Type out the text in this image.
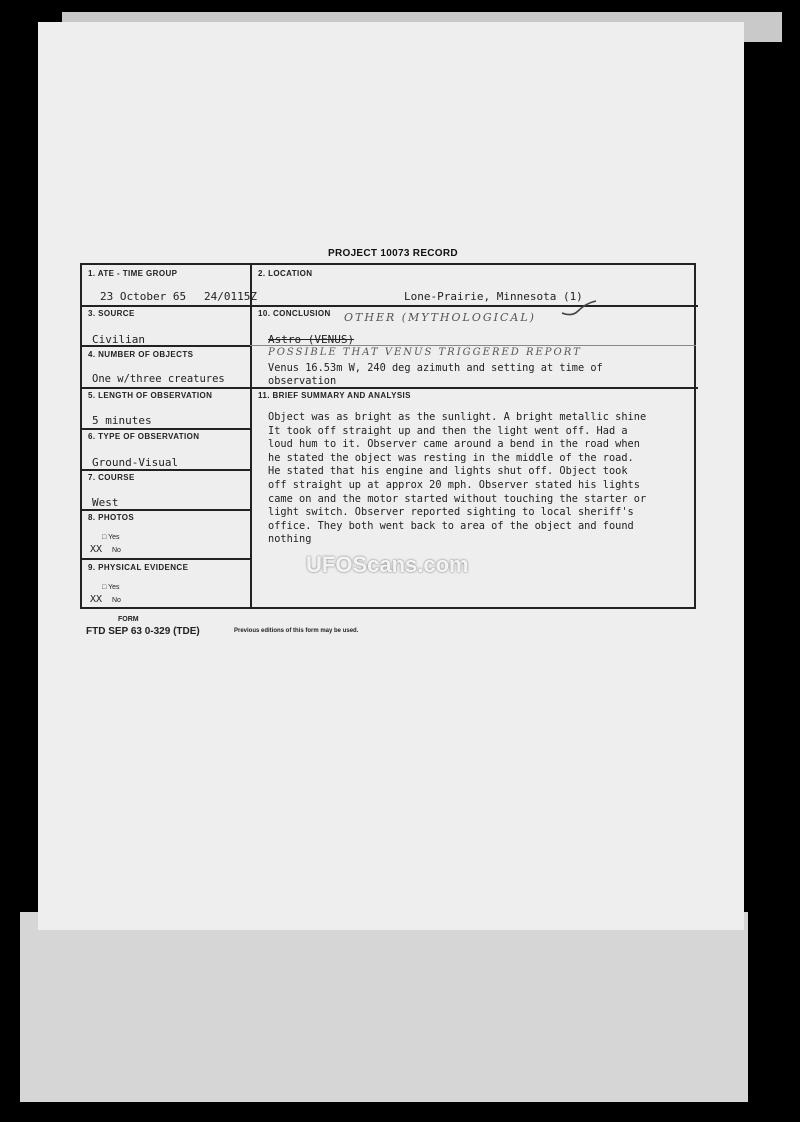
PROJECT 10073 RECORD
1. ATE - TIME GROUP
23 October 65 24/0115Z
2. LOCATION
Lone-Prairie, Minnesota (1)
3. SOURCE
Civilian
10. CONCLUSION OTHER (MYTHOLOGICAL)
Astro (VENUS)
POSSIBLE THAT VENUS TRIGGERED REPORT
Venus 16.53m W, 240 deg azimuth and setting at time of
observation
4. NUMBER OF OBJECTS
One w/three creatures
5. LENGTH OF OBSERVATION
5 minutes
11. BRIEF SUMMARY AND ANALYSIS
Object was as bright as the sunlight. A bright metallic shine
It took off straight up and then the light went off. Had a
loud hum to it. Observer came around a bend in the road when
he stated the object was resting in the middle of the road.
He stated that his engine and lights shut off. Object took
off straight up at approx 20 mph. Observer stated his lights
came on and the motor started without touching the starter or
light switch. Observer reported sighting to local sheriff's
office. They both went back to area of the object and found
nothing
6. TYPE OF OBSERVATION
Ground-Visual
7. COURSE
West
8. PHOTOS
□ Yes
XX No
9. PHYSICAL EVIDENCE
□ Yes
XX No
FORM
FTD SEP 63 0-329 (TDE)	Previous editions of this form may be used.
UFOScans.com
